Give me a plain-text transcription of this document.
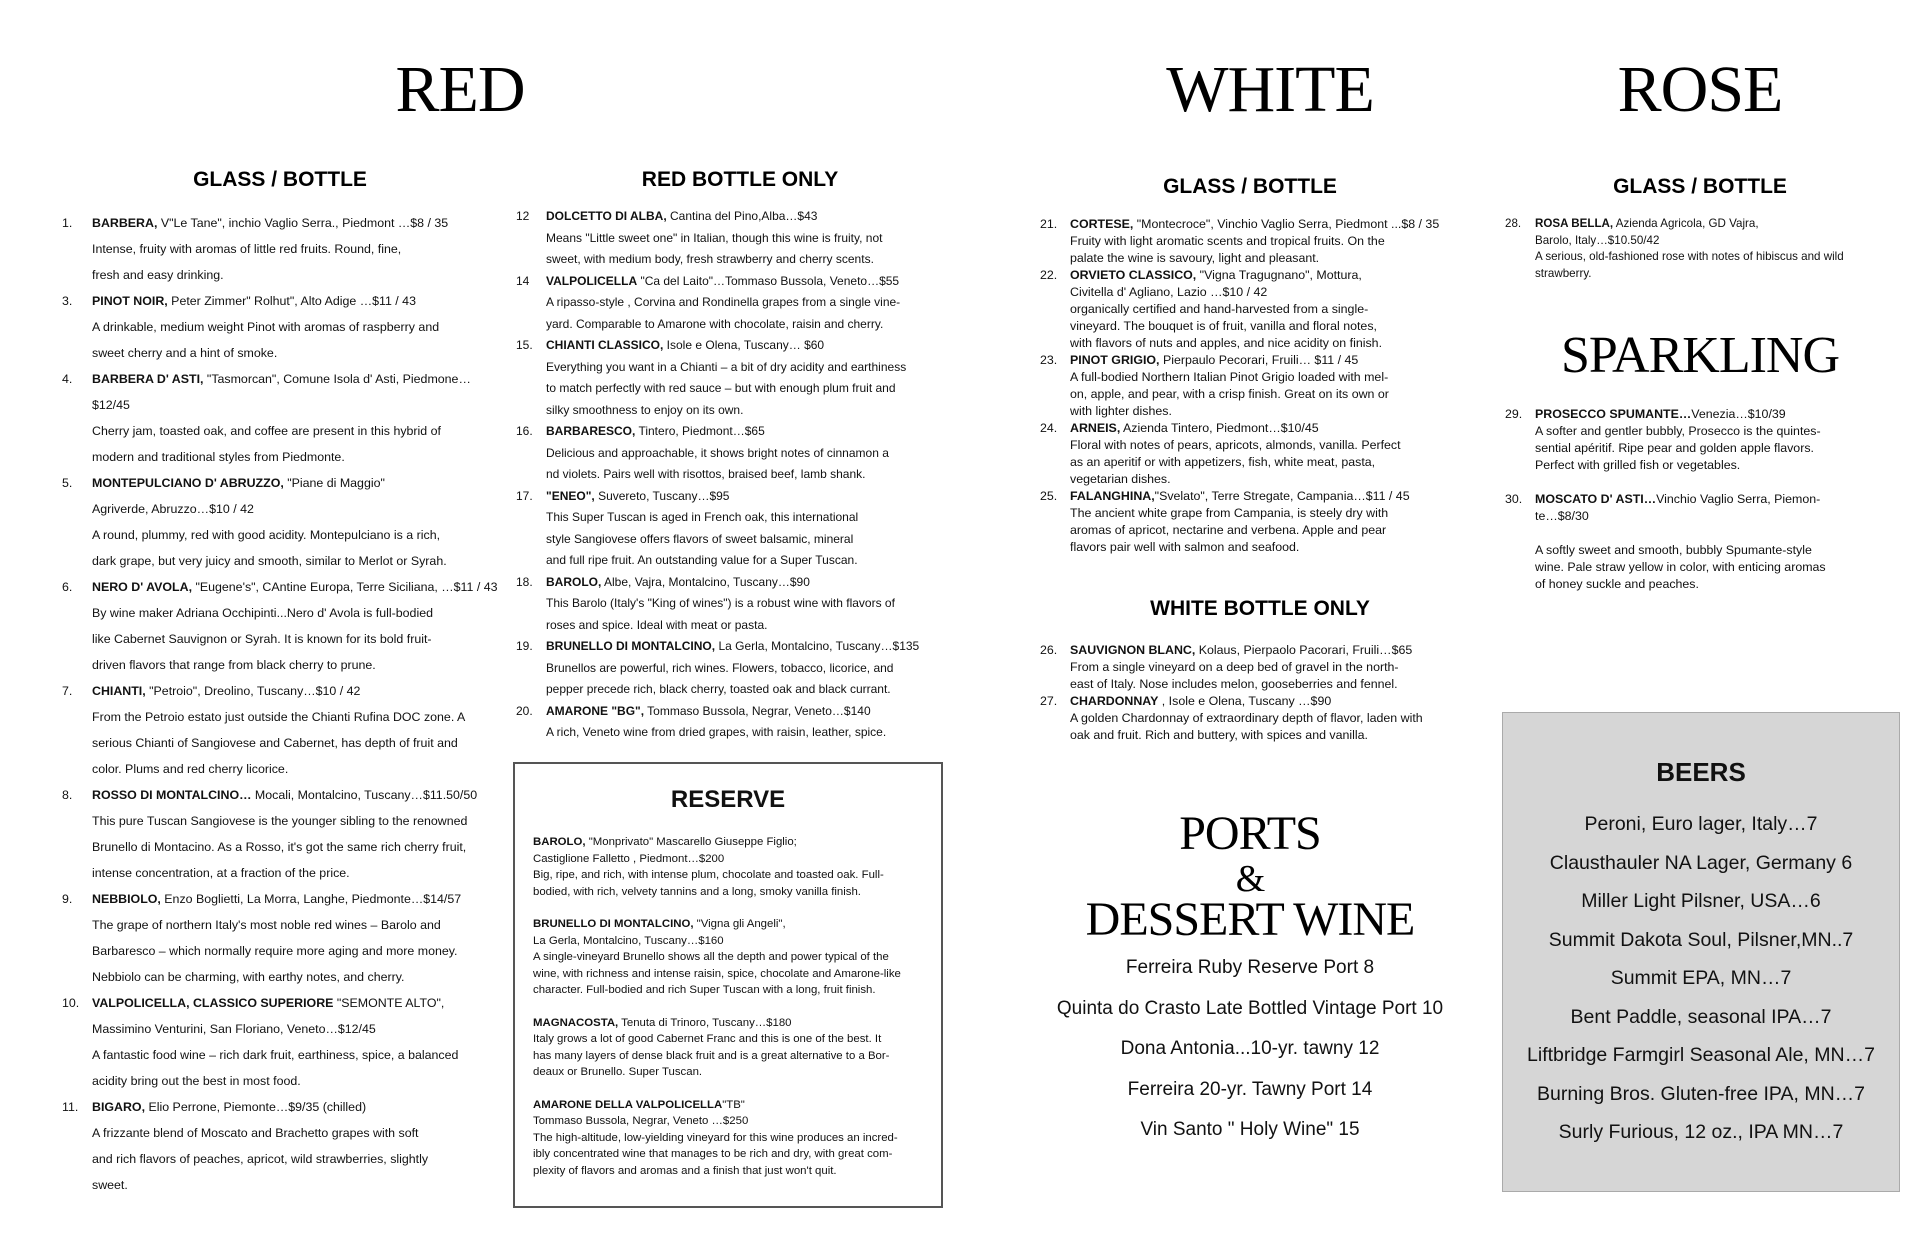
RED	WHITE	ROSE
SPARKLING
GLASS / BOTTLE	RED BOTTLE ONLY
1. BARBERA, V"Le Tane", inchio Vaglio Serra., Piedmont …$8 / 35
Intense, fruity with aromas of little red fruits. Round, fine,
fresh and easy drinking.
3. PINOT NOIR, Peter Zimmer" Rolhut", Alto Adige …$11 / 43
A drinkable, medium weight Pinot with aromas of raspberry and
sweet cherry and a hint of smoke.
4. BARBERA D' ASTI, "Tasmorcan", Comune Isola d' Asti, Piedmone…$12/45
Cherry jam, toasted oak, and coffee are present in this hybrid of
modern and traditional styles from Piedmonte.
5. MONTEPULCIANO D' ABRUZZO, "Piane di Maggio"
Agriverde, Abruzzo…$10 / 42
A round, plummy, red with good acidity. Montepulciano is a rich,
dark grape, but very juicy and smooth, similar to Merlot or Syrah.
6. NERO D' AVOLA, "Eugene's", CAntine Europa, Terre Siciliana, …$11 / 43
By wine maker Adriana Occhipinti...Nero d' Avola is full-bodied
like Cabernet Sauvignon or Syrah. It is known for its bold fruit-
driven flavors that range from black cherry to prune.
7. CHIANTI, "Petroio", Dreolino, Tuscany…$10 / 42
From the Petroio estato just outside the Chianti Rufina DOC zone. A
serious Chianti of Sangiovese and Cabernet, has depth of fruit and
color. Plums and red cherry licorice.
8. ROSSO DI MONTALCINO… Mocali, Montalcino, Tuscany…$11.50/50
This pure Tuscan Sangiovese is the younger sibling to the renowned
Brunello di Montacino. As a Rosso, it's got the same rich cherry fruit,
intense concentration, at a fraction of the price.
9. NEBBIOLO, Enzo Boglietti, La Morra, Langhe, Piedmonte…$14/57
The grape of northern Italy's most noble red wines – Barolo and
Barbaresco – which normally require more aging and more money.
Nebbiolo can be charming, with earthy notes, and cherry.
10. VALPOLICELLA, CLASSICO SUPERIORE "SEMONTE ALTO",
Massimino Venturini, San Floriano, Veneto…$12/45
A fantastic food wine – rich dark fruit, earthiness, spice, a balanced
acidity bring out the best in most food.
11. BIGARO, Elio Perrone, Piemonte…$9/35 (chilled)
A frizzante blend of Moscato and Brachetto grapes with soft
and rich flavors of peaches, apricot, wild strawberries, slightly
sweet.
12 DOLCETTO DI ALBA, Cantina del Pino,Alba…$43
Means "Little sweet one" in Italian, though this wine is fruity, not
sweet, with medium body, fresh strawberry and cherry scents.
14 VALPOLICELLA "Ca del Laito"…Tommaso Bussola, Veneto…$55
A ripasso-style , Corvina and Rondinella grapes from a single vine-
yard. Comparable to Amarone with chocolate, raisin and cherry.
15. CHIANTI CLASSICO, Isole e Olena, Tuscany… $60
Everything you want in a Chianti – a bit of dry acidity and earthiness
to match perfectly with red sauce – but with enough plum fruit and
silky smoothness to enjoy on its own.
16. BARBARESCO, Tintero, Piedmont…$65
Delicious and approachable, it shows bright notes of cinnamon a
nd violets. Pairs well with risottos, braised beef, lamb shank.
17. "ENEO", Suvereto, Tuscany…$95
This Super Tuscan is aged in French oak, this international
style Sangiovese offers flavors of sweet balsamic, mineral
and full ripe fruit. An outstanding value for a Super Tuscan.
18. BAROLO, Albe, Vajra, Montalcino, Tuscany…$90
This Barolo (Italy's "King of wines") is a robust wine with flavors of
roses and spice. Ideal with meat or pasta.
19. BRUNELLO DI MONTALCINO, La Gerla, Montalcino, Tuscany…$135
Brunellos are powerful, rich wines. Flowers, tobacco, licorice, and
pepper precede rich, black cherry, toasted oak and black currant.
20. AMARONE "BG", Tommaso Bussola, Negrar, Veneto…$140
A rich, Veneto wine from dried grapes, with raisin, leather, spice.
RESERVE
BAROLO, "Monprivato" Mascarello Giuseppe Figlio;
Castiglione Falletto , Piedmont…$200
Big, ripe, and rich, with intense plum, chocolate and toasted oak. Full-
bodied, with rich, velvety tannins and a long, smoky vanilla finish.
BRUNELLO DI MONTALCINO, "Vigna gli Angeli",
La Gerla, Montalcino, Tuscany…$160
A single-vineyard Brunello shows all the depth and power typical of the
wine, with richness and intense raisin, spice, chocolate and Amarone-like
character. Full-bodied and rich Super Tuscan with a long, fruit finish.
MAGNACOSTA, Tenuta di Trinoro, Tuscany…$180
Italy grows a lot of good Cabernet Franc and this is one of the best. It
has many layers of dense black fruit and is a great alternative to a Bor-
deaux or Brunello. Super Tuscan.
AMARONE DELLA VALPOLICELLA"TB"
Tommaso Bussola, Negrar, Veneto …$250
The high-altitude, low-yielding vineyard for this wine produces an incred-
ibly concentrated wine that manages to be rich and dry, with great com-
plexity of flavors and aromas and a finish that just won't quit.
GLASS / BOTTLE
WHITE BOTTLE ONLY
21. CORTESE, "Montecroce", Vinchio Vaglio Serra, Piedmont ...$8 / 35
Fruity with light aromatic scents and tropical fruits. On the
palate the wine is savoury, light and pleasant.
22. ORVIETO CLASSICO, "Vigna Tragugnano", Mottura,
Civitella d' Agliano, Lazio …$10 / 42
organically certified and hand-harvested from a single-
vineyard. The bouquet is of fruit, vanilla and floral notes,
with flavors of nuts and apples, and nice acidity on finish.
23. PINOT GRIGIO, Pierpaulo Pecorari, Fruili… $11 / 45
A full-bodied Northern Italian Pinot Grigio loaded with mel-
on, apple, and pear, with a crisp finish. Great on its own or
with lighter dishes.
24. ARNEIS, Azienda Tintero, Piedmont…$10/45
Floral with notes of pears, apricots, almonds, vanilla. Perfect
as an aperitif or with appetizers, fish, white meat, pasta,
vegetarian dishes.
25. FALANGHINA,"Svelato", Terre Stregate, Campania…$11 / 45
The ancient white grape from Campania, is steely dry with
aromas of apricot, nectarine and verbena. Apple and pear
flavors pair well with salmon and seafood.
26. SAUVIGNON BLANC, Kolaus, Pierpaolo Pacorari, Fruili…$65
From a single vineyard on a deep bed of gravel in the north-
east of Italy. Nose includes melon, gooseberries and fennel.
27. CHARDONNAY , Isole e Olena, Tuscany …$90
A golden Chardonnay of extraordinary depth of flavor, laden with
oak and fruit. Rich and buttery, with spices and vanilla.
PORTS
&
DESSERT WINE
Ferreira Ruby Reserve Port 8
Quinta do Crasto Late Bottled Vintage Port 10
Dona Antonia...10-yr. tawny 12
Ferreira 20-yr. Tawny Port 14
Vin Santo " Holy Wine" 15
GLASS / BOTTLE
28. ROSA BELLA, Azienda Agricola, GD Vajra,
Barolo, Italy…$10.50/42
A serious, old-fashioned rose with notes of hibiscus and wild
strawberry.
29. PROSECCO SPUMANTE…Venezia…$10/39
A softer and gentler bubbly, Prosecco is the quintes-
sential apéritif. Ripe pear and golden apple flavors.
Perfect with grilled fish or vegetables.
30. MOSCATO D' ASTI…Vinchio Vaglio Serra, Piemon-
te…$8/30

A softly sweet and smooth, bubbly Spumante-style
wine. Pale straw yellow in color, with enticing aromas
of honey suckle and peaches.
BEERS
Peroni, Euro lager, Italy…7
Clausthauler NA Lager, Germany 6
Miller Light Pilsner, USA…6
Summit Dakota Soul, Pilsner,MN..7
Summit EPA, MN…7
Bent Paddle, seasonal IPA…7
Liftbridge Farmgirl Seasonal Ale, MN…7
Burning Bros. Gluten-free IPA, MN…7
Surly Furious, 12 oz., IPA MN…7
